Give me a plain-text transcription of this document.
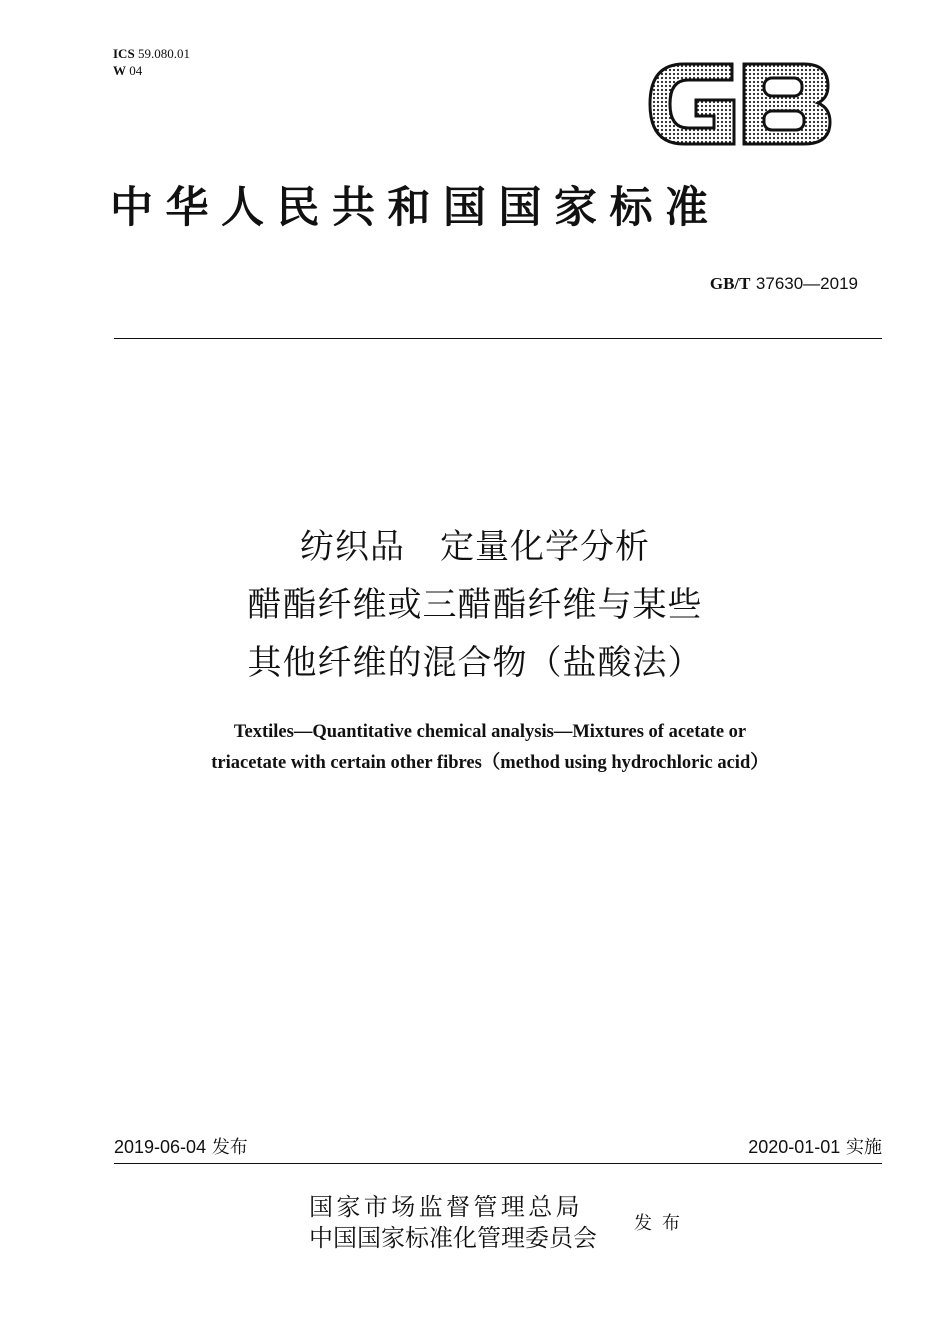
ICS 59.080.01
W 04
中华人民共和国国家标准
GB/T 37630—2019
纺织品　定量化学分析
醋酯纤维或三醋酯纤维与某些
其他纤维的混合物（盐酸法）
Textiles—Quantitative chemical analysis—Mixtures of acetate or
triacetate with certain other fibres（method using hydrochloric acid）
2019-06-04 发布	2020-01-01 实施
国家市场监督管理总局
中国国家标准化管理委员会
发布
